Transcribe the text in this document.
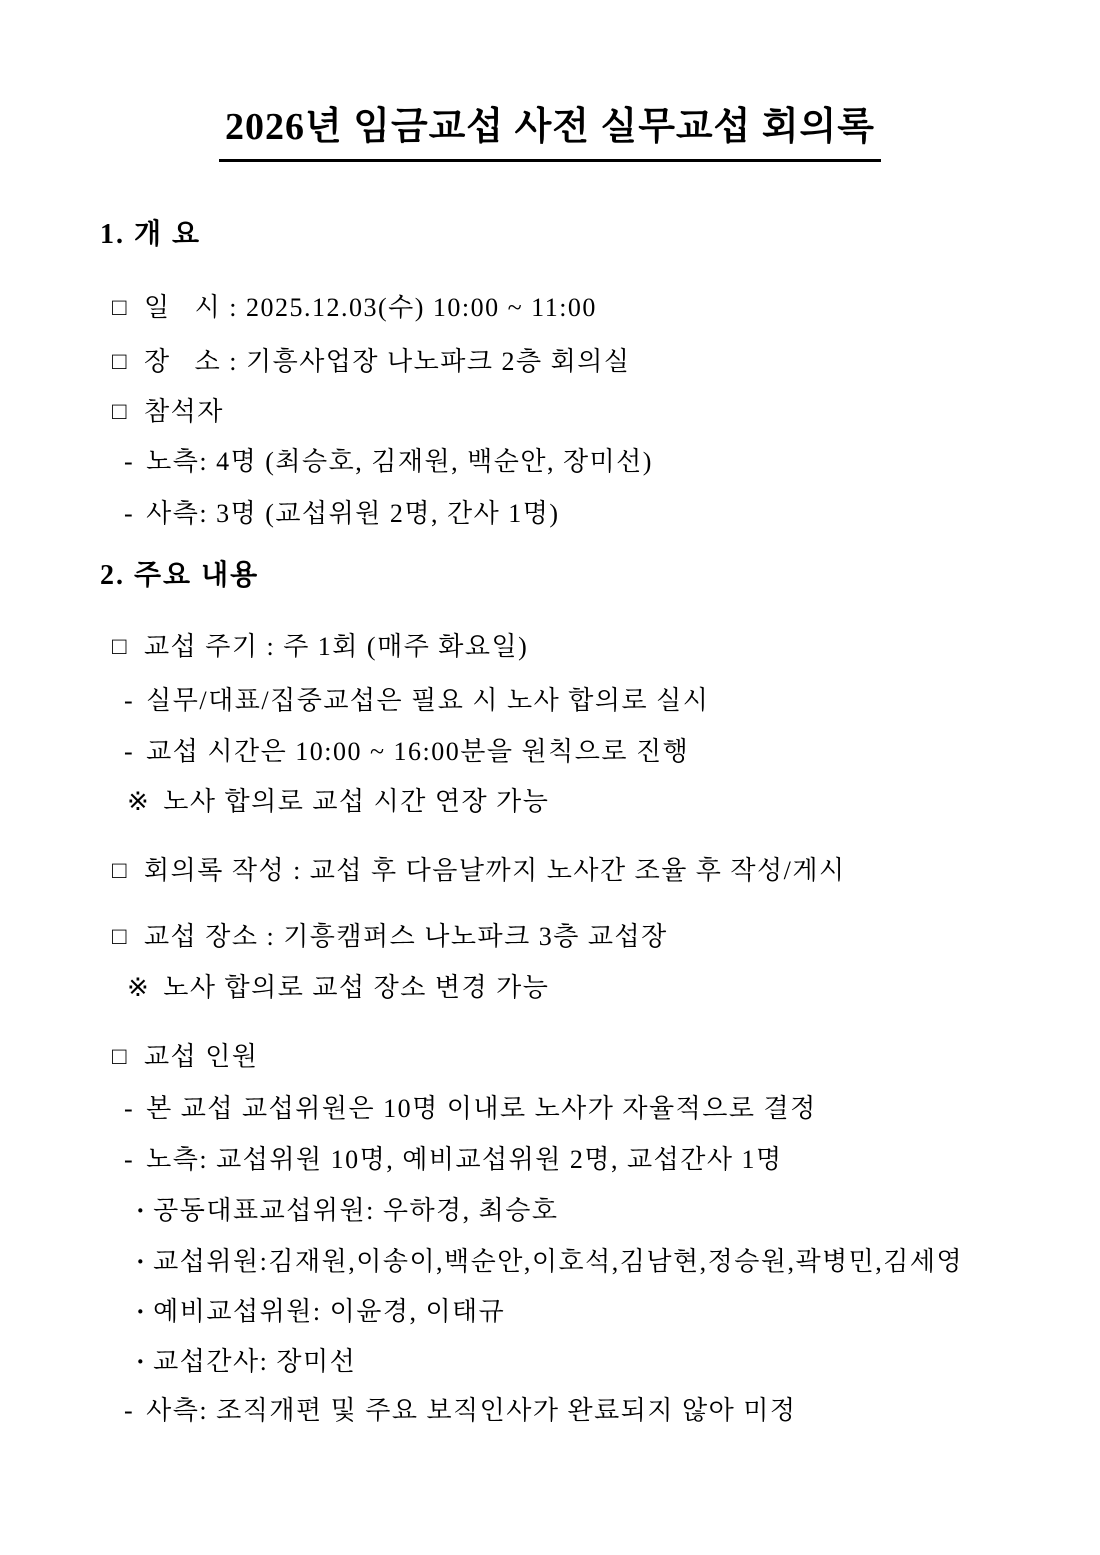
2026년 임금교섭 사전 실무교섭 회의록
1. 개 요
□ 일   시 : 2025.12.03(수) 10:00 ~ 11:00
□ 장   소 : 기흥사업장 나노파크 2층 회의실
□ 참석자
- 노측: 4명 (최승호, 김재원, 백순안, 장미선)
- 사측: 3명 (교섭위원 2명, 간사 1명)
2. 주요 내용
□ 교섭 주기 : 주 1회 (매주 화요일)
- 실무/대표/집중교섭은 필요 시 노사 합의로 실시
- 교섭 시간은 10:00 ~ 16:00분을 원칙으로 진행
※ 노사 합의로 교섭 시간 연장 가능
□ 회의록 작성 : 교섭 후 다음날까지 노사간 조율 후 작성/게시
□ 교섭 장소 : 기흥캠퍼스 나노파크 3층 교섭장
※ 노사 합의로 교섭 장소 변경 가능
□ 교섭 인원
- 본 교섭 교섭위원은 10명 이내로 노사가 자율적으로 결정
- 노측: 교섭위원 10명, 예비교섭위원 2명, 교섭간사 1명
· 공동대표교섭위원: 우하경, 최승호
· 교섭위원:김재원,이송이,백순안,이호석,김남현,정승원,곽병민,김세영
· 예비교섭위원: 이윤경, 이태규
· 교섭간사: 장미선
- 사측: 조직개편 및 주요 보직인사가 완료되지 않아 미정
